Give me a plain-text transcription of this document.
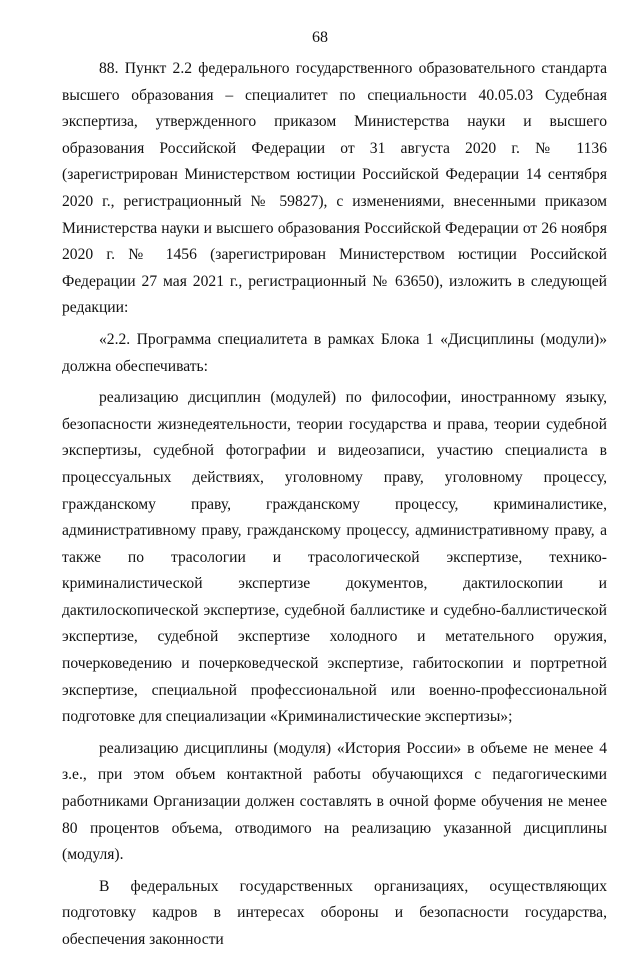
68

88. Пункт 2.2 федерального государственного образовательного стандарта высшего образования – специалитет по специальности 40.05.03 Судебная экспертиза, утвержденного приказом Министерства науки и высшего образования Российской Федерации от 31 августа 2020 г. № 1136 (зарегистрирован Министерством юстиции Российской Федерации 14 сентября 2020 г., регистрационный № 59827), с изменениями, внесенными приказом Министерства науки и высшего образования Российской Федерации от 26 ноября 2020 г. № 1456 (зарегистрирован Министерством юстиции Российской Федерации 27 мая 2021 г., регистрационный № 63650), изложить в следующей редакции:

«2.2. Программа специалитета в рамках Блока 1 «Дисциплины (модули)» должна обеспечивать:

реализацию дисциплин (модулей) по философии, иностранному языку, безопасности жизнедеятельности, теории государства и права, теории судебной экспертизы, судебной фотографии и видеозаписи, участию специалиста в процессуальных действиях, уголовному праву, уголовному процессу, гражданскому праву, гражданскому процессу, криминалистике, административному праву, гражданскому процессу, административному праву, а также по трасологии и трасологической экспертизе, технико-криминалистической экспертизе документов, дактилоскопии и дактилоскопической экспертизе, судебной баллистике и судебно-баллистической экспертизе, судебной экспертизе холодного и метательного оружия, почерковедению и почерковедческой экспертизе, габитоскопии и портретной экспертизе, специальной профессиональной или военно-профессиональной подготовке для специализации «Криминалистические экспертизы»;

реализацию дисциплины (модуля) «История России» в объеме не менее 4 з.е., при этом объем контактной работы обучающихся с педагогическими работниками Организации должен составлять в очной форме обучения не менее 80 процентов объема, отводимого на реализацию указанной дисциплины (модуля).

В федеральных государственных организациях, осуществляющих подготовку кадров в интересах обороны и безопасности государства, обеспечения законности
